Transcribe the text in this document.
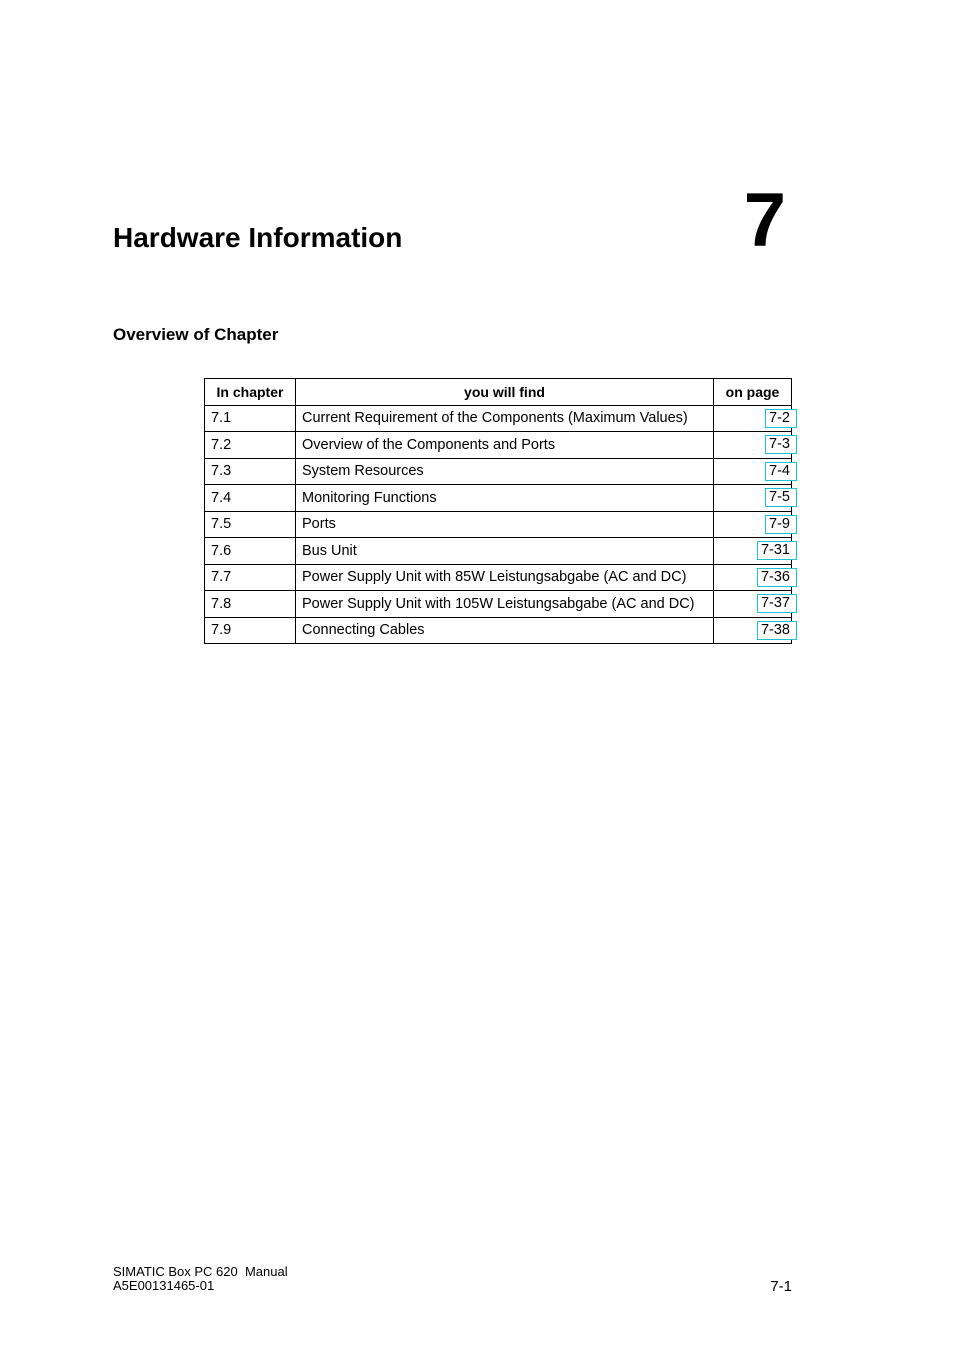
Hardware Information	7
Overview of Chapter
In chapter	you will find	on page
7.1	Current Requirement of the Components (Maximum Values)	7-2
7.2	Overview of the Components and Ports	7-3
7.3	System Resources	7-4
7.4	Monitoring Functions	7-5
7.5	Ports	7-9
7.6	Bus Unit	7-31
7.7	Power Supply Unit with 85W Leistungsabgabe (AC and DC)	7-36
7.8	Power Supply Unit with 105W Leistungsabgabe (AC and DC)	7-37
7.9	Connecting Cables	7-38
SIMATIC Box PC 620  Manual
A5E00131465-01	7-1
